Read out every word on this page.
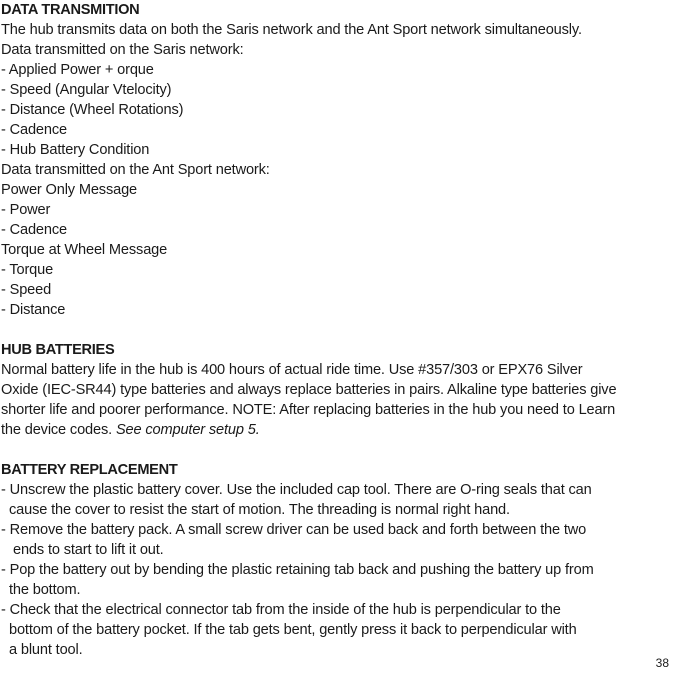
DATA TRANSMITION
The hub transmits data on both the Saris network and the Ant Sport network simultaneously.
Data transmitted on the Saris network:
- Applied Power + orque
- Speed (Angular Vtelocity)
- Distance (Wheel Rotations)
- Cadence
- Hub Battery Condition
Data transmitted on the Ant Sport network:
Power Only Message
- Power
- Cadence
Torque at Wheel Message
- Torque
- Speed
- Distance
HUB BATTERIES
Normal battery life in the hub is 400 hours of actual ride time. Use #357/303 or EPX76 Silver
Oxide (IEC-SR44) type batteries and always replace batteries in pairs. Alkaline type batteries give
shorter life and poorer performance. NOTE: After replacing batteries in the hub you need to Learn
the device codes. See computer setup 5.
BATTERY REPLACEMENT
- Unscrew the plastic battery cover. Use the included cap tool. There are O-ring seals that can
cause the cover to resist the start of motion. The threading is normal right hand.
- Remove the battery pack. A small screw driver can be used back and forth between the two
ends to start to lift it out.
- Pop the battery out by bending the plastic retaining tab back and pushing the battery up from
the bottom.
- Check that the electrical connector tab from the inside of the hub is perpendicular to the
bottom of the battery pocket. If the tab gets bent, gently press it back to perpendicular with
a blunt tool.
38
